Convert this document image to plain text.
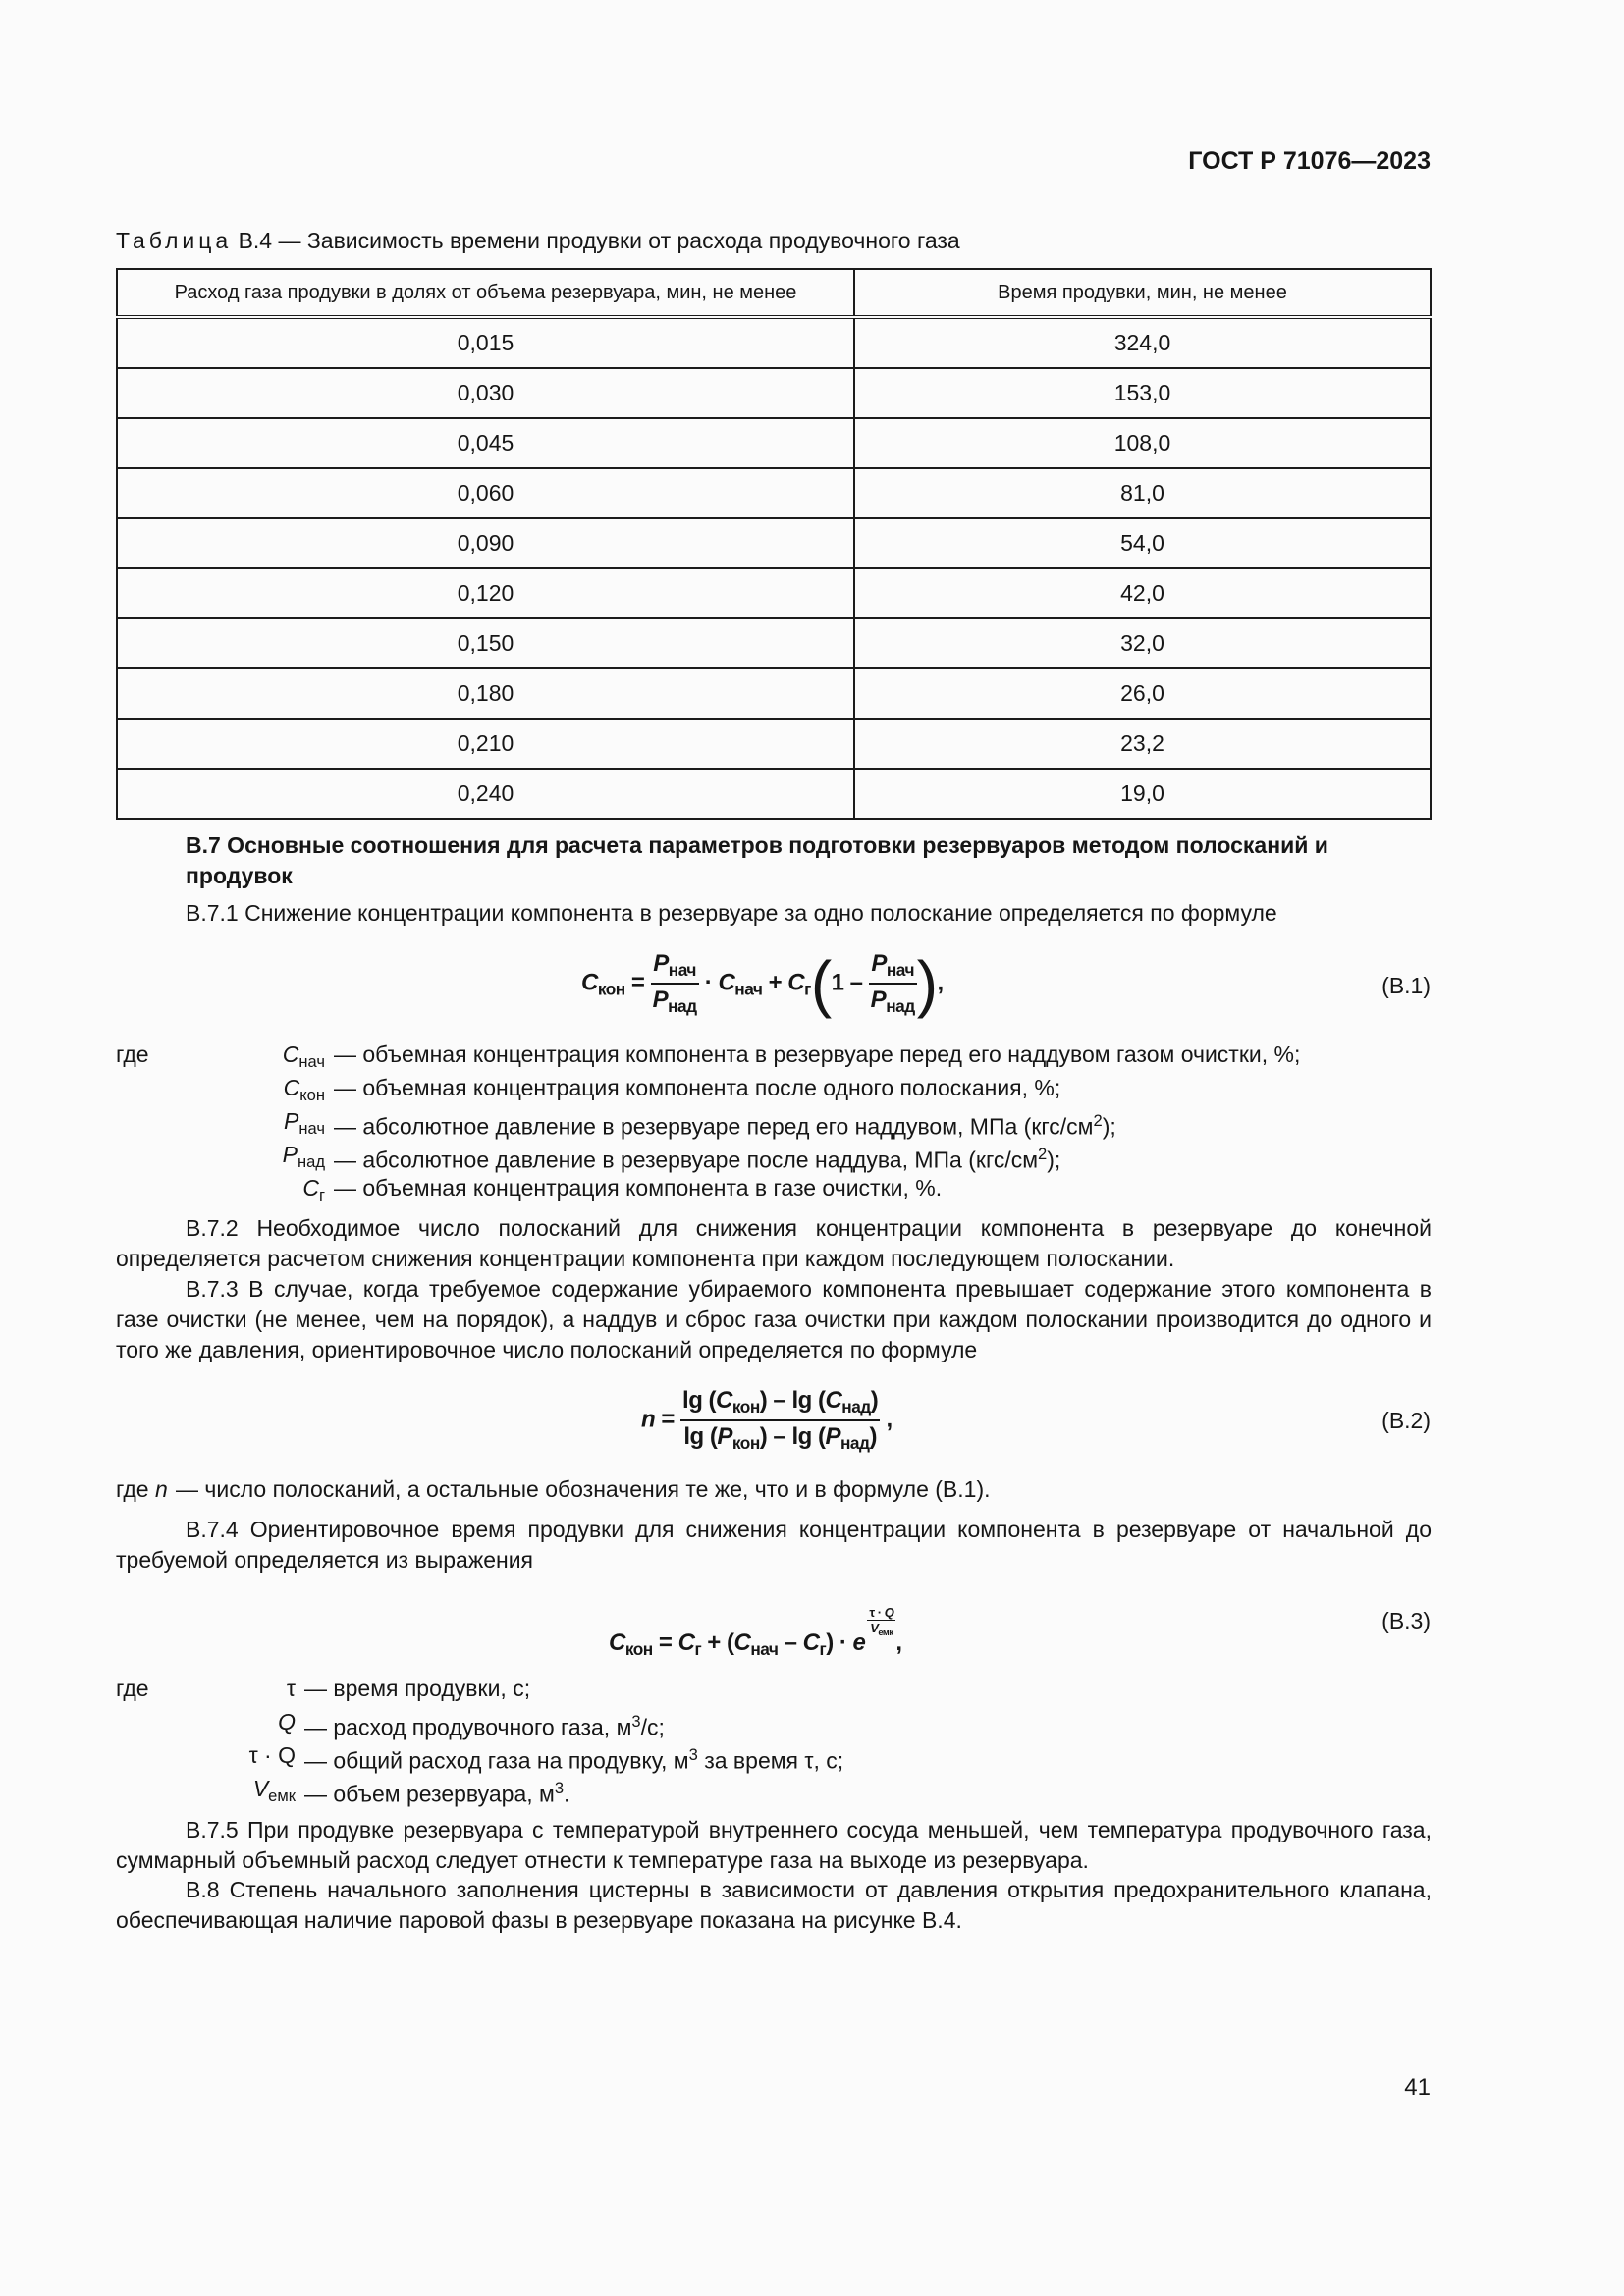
ГОСТ Р 71076—2023
Таблица В.4 — Зависимость времени продувки от расхода продувочного газа
Расход газа продувки в долях от объема резервуара, мин, не менее	Время продувки, мин, не менее
0,015	324,0
0,030	153,0
0,045	108,0
0,060	81,0
0,090	54,0
0,120	42,0
0,150	32,0
0,180	26,0
0,210	23,2
0,240	19,0
В.7 Основные соотношения для расчета параметров подготовки резервуаров методом полосканий и продувок
В.7.1 Снижение концентрации компонента в резервуаре за одно полоскание определяется по формуле
$C_{кон} = \frac{P_{нач}}{P_{над}} \cdot C_{нач} + C_г(1 - \frac{P_{нач}}{P_{над}}$ ),	(В.1)
где	$C_{нач}$ — объемная концентрация компонента в резервуаре перед его наддувом газом очистки, %;
$C_{кон}$ — объемная концентрация компонента после одного полоскания, %;
$P_{нач}$ — абсолютное давление в резервуаре перед его наддувом, МПа $(кгс/см^2)$;
$P_{над}$ — абсолютное давление в резервуаре после наддува, МПа $(кгс/см^2)$;
$C_г$ — объемная концентрация компонента в газе очистки, %.
В.7.2 Необходимое число полосканий для снижения концентрации компонента в резервуаре до конечной определяется расчетом снижения концентрации компонента при каждом последующем полоскании.
В.7.3 В случае, когда требуемое содержание убираемого компонента превышает содержание этого компонента в газе очистки (не менее, чем на порядок), а наддув и сброс газа очистки при каждом полоскании производится до одного и того же давления, ориентировочное число полосканий определяется по формуле
$n = \frac{\lg (C_{кон}) - \lg (C_{над})}{\lg (P_{кон}) - \lg (P_{над})}$ ,	(В.2)
где n — число полосканий, а остальные обозначения те же, что и в формуле (В.1).
В.7.4 Ориентировочное время продувки для снижения концентрации компонента в резервуаре от начальной до требуемой определяется из выражения
$C_{кон} = C_г + (C_{нач} - C_г) \cdot e$
τ · Q
$V_{емк}$ ,
(В.3)
где	τ — время продувки, с;
Q — расход продувочного газа, $м^3/с$;
τ · Q — общий расход газа на продувку, $м^3$ за время τ, с;
$V_{емк}$ — объем резервуара, $м^3$.
В.7.5 При продувке резервуара с температурой внутреннего сосуда меньшей, чем температура продувочного газа, суммарный объемный расход следует отнести к температуре газа на выходе из резервуара.
В.8 Степень начального заполнения цистерны в зависимости от давления открытия предохранительного клапана, обеспечивающая наличие паровой фазы в резервуаре показана на рисунке В.4.
41
